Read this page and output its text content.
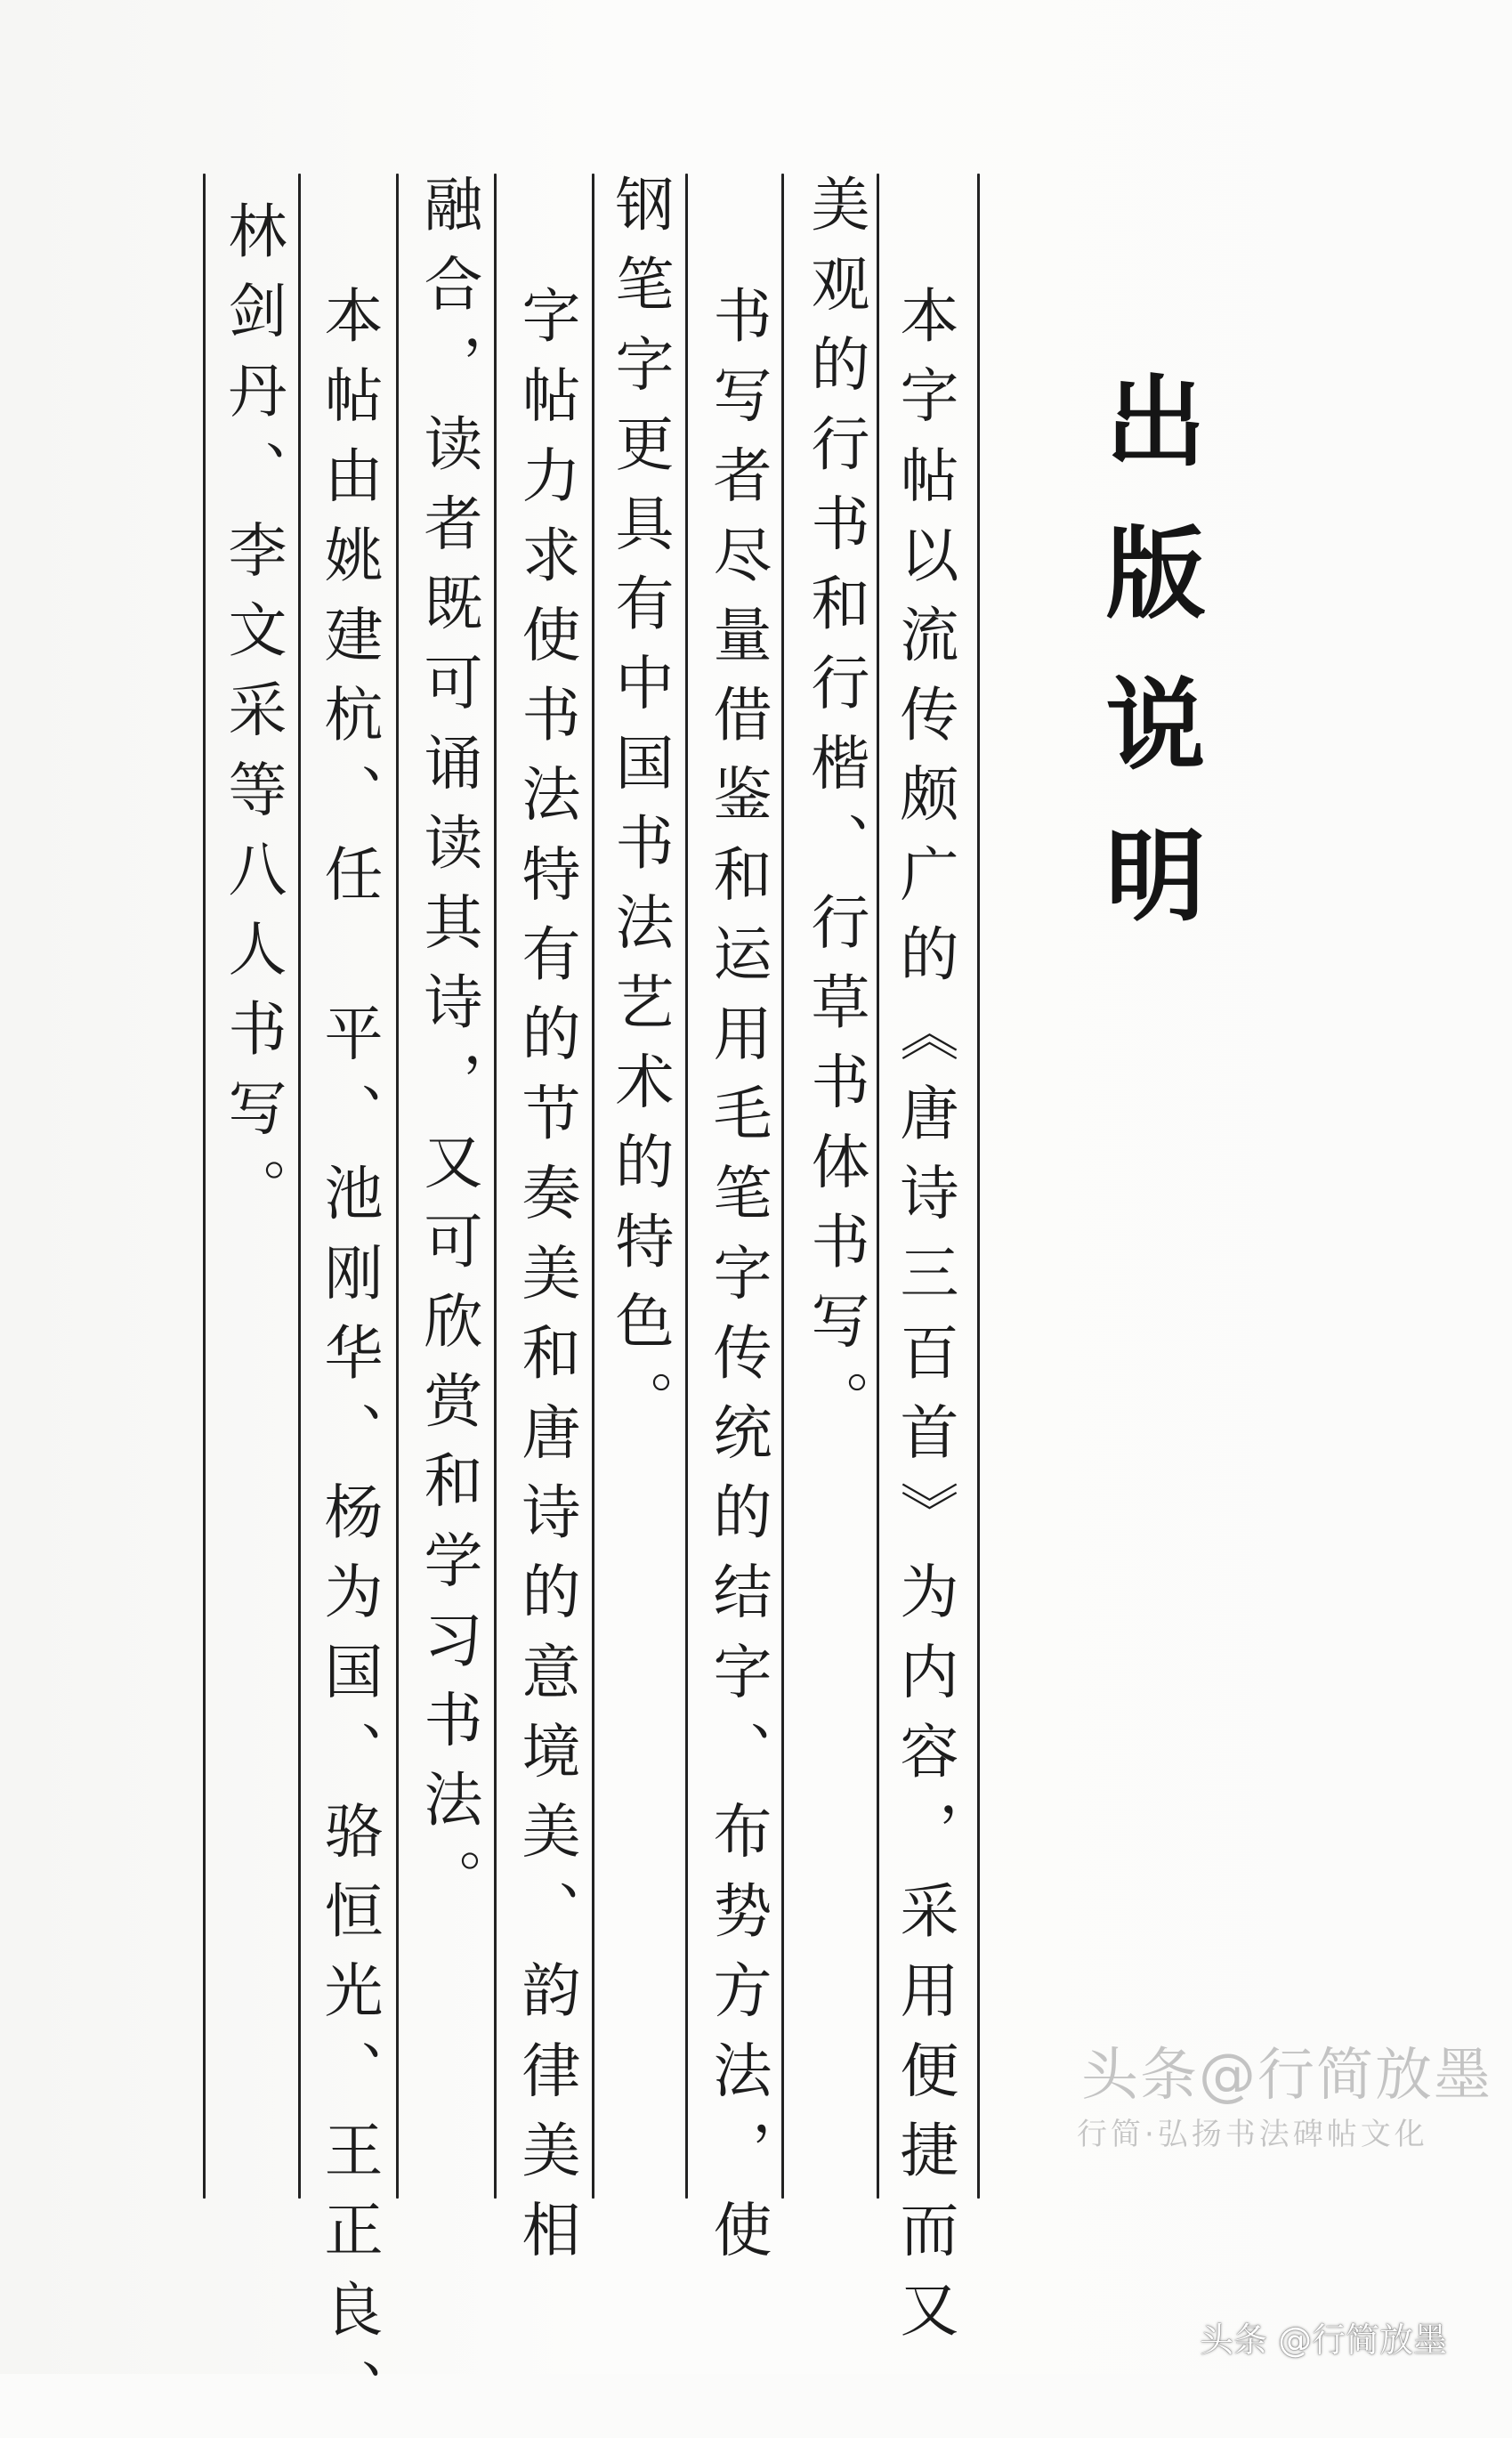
出版说明
本字帖以流传颇广的《唐诗三百首》为内容，采用便捷而又
美观的行书和行楷、行草书体书写。
书写者尽量借鉴和运用毛笔字传统的结字、布势方法，使
钢笔字更具有中国书法艺术的特色。
字帖力求使书法特有的节奏美和唐诗的意境美、韵律美相
融合，读者既可诵读其诗，又可欣赏和学习书法。
本帖由姚建杭、任　平、池刚华、杨为国、骆恒光、王正良、
林剑丹、李文采等八人书写。
头条@行简放墨
行简·弘扬书法碑帖文化
头条 @行简放墨
